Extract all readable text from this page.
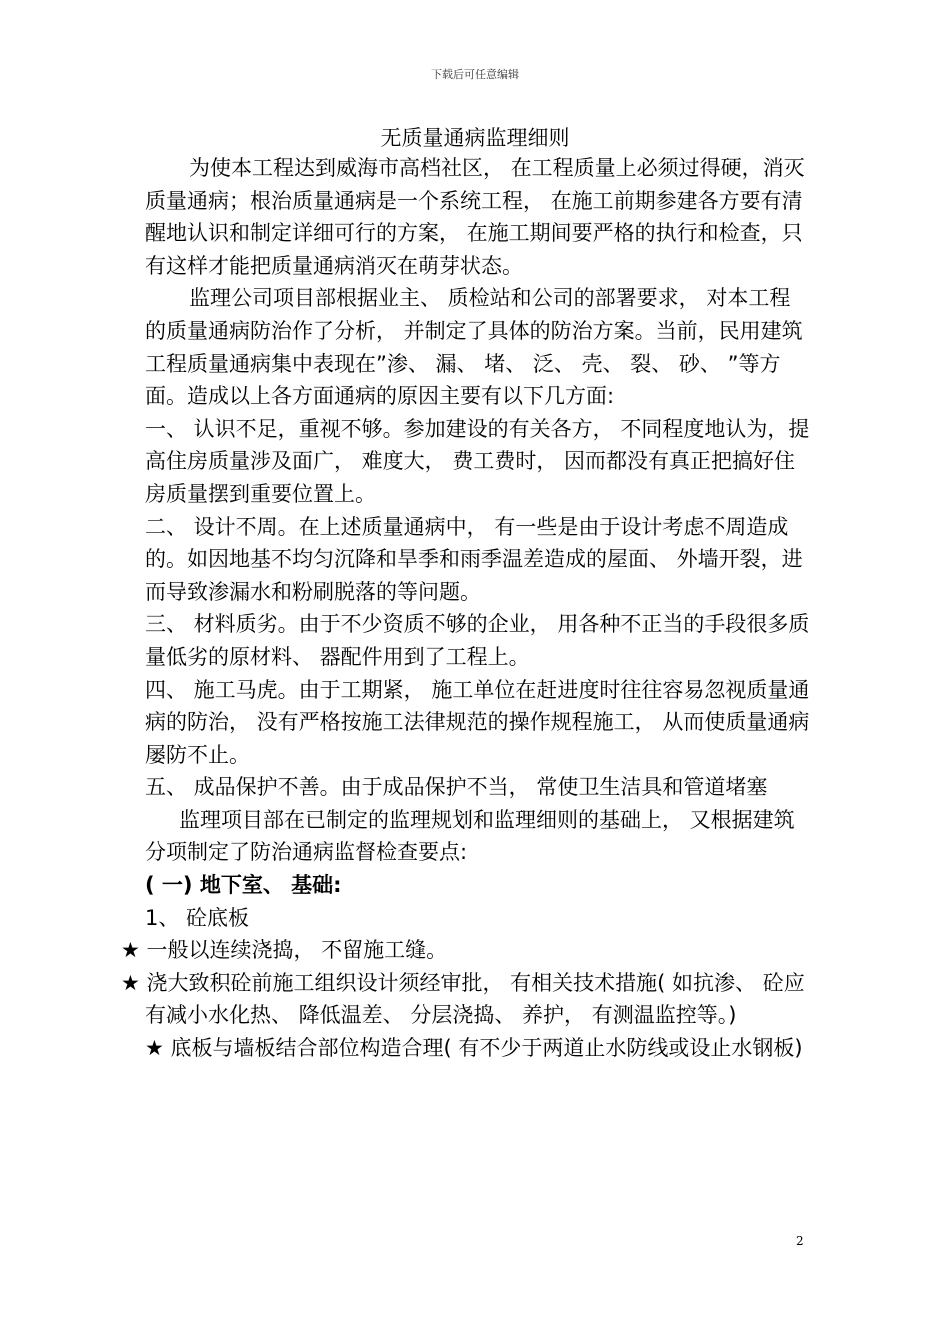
下载后可任意编辑
无质量通病监理细则

为使本工程达到威海市高档社区， 在工程质量上必须过得硬，消灭质量通病；根治质量通病是一个系统工程， 在施工前期参建各方要有清醒地认识和制定详细可行的方案， 在施工期间要严格的执行和检查，只有这样才能把质量通病消灭在萌芽状态。

监理公司项目部根据业主、 质检站和公司的部署要求， 对本工程的质量通病防治作了分析， 并制定了具体的防治方案。当前，民用建筑工程质量通病集中表现在”渗、 漏、 堵、 泛、 壳、 裂、 砂、 ”等方面。造成以上各方面通病的原因主要有以下几方面:

一、 认识不足，重视不够。参加建设的有关各方， 不同程度地认为，提高住房质量涉及面广， 难度大， 费工费时， 因而都没有真正把搞好住房质量摆到重要位置上。

二、 设计不周。在上述质量通病中， 有一些是由于设计考虑不周造成的。如因地基不均匀沉降和旱季和雨季温差造成的屋面、 外墙开裂，进而导致渗漏水和粉刷脱落的等问题。

三、 材料质劣。由于不少资质不够的企业， 用各种不正当的手段很多质量低劣的原材料、 器配件用到了工程上。

四、 施工马虎。由于工期紧， 施工单位在赶进度时往往容易忽视质量通病的防治， 没有严格按施工法律规范的操作规程施工， 从而使质量通病屡防不止。

五、 成品保护不善。由于成品保护不当， 常使卫生洁具和管道堵塞

监理项目部在已制定的监理规划和监理细则的基础上， 又根据建筑分项制定了防治通病监督检查要点:

( 一) 地下室、 基础:

1、 砼底板

★ 一般以连续浇捣， 不留施工缝。

★ 浇大致积砼前施工组织设计须经审批， 有相关技术措施( 如抗渗、 砼应有减小水化热、 降低温差、 分层浇捣、 养护， 有测温监控等。)

★ 底板与墙板结合部位构造合理( 有不少于两道止水防线或设止水钢板)

2
